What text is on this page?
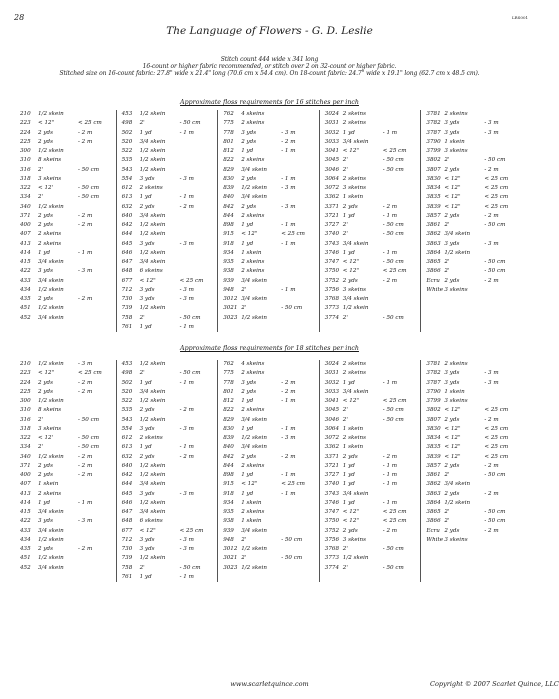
28	LRS001
The Language of Flowers - G. D. Leslie
Stitch count 444 wide x 341 long
16-count or higher fabric recommended, or stitch over 2 on 32-count or higher fabric.
Stitched size on 16-count fabric: 27.8" wide x 21.4" long (70.6 cm x 54.4 cm). On 18-count fabric: 24.7" wide x 19.1" long (62.7 cm x 48.5 cm).
Approximate floss requirements for 16 stitches per inch
210 1/2 skein
223 < 12"	< 25 cm
224 2 yds	- 2 m
225 2 yds	- 2 m
300 1/2 skein
310 8 skeins
316 2'	- 50 cm
318 3 skeins
322 < 12'	- 50 cm
334 2'	- 50 cm
340 1/2 skein
371 2 yds	- 2 m
400 2 yds	- 2 m
407 2 skeins
413 2 skeins
414 1 yd	- 1 m
415 3/4 skein
422 3 yds	- 3 m
433 3/4 skein
434 1/2 skein
435 2 yds	- 2 m
451 1/2 skein
452 3/4 skein
453 1/2 skein
498 2'	- 50 cm
502 1 yd	- 1 m
520 3/4 skein
522 1/2 skein
535 1/2 skein
543 1/2 skein
554 3 yds	- 3 m
612 2 skeins
613 1 yd	- 1 m
632 2 yds	- 2 m
640 3/4 skein
642 1/2 skein
644 1/2 skein
645 3 yds	- 3 m
646 1/2 skein
647 3/4 skein
648 6 skeins
677 < 12"	< 25 cm
712 3 yds	- 3 m
730 3 yds	- 3 m
739 1/2 skein
758 2'	- 50 cm
761 1 yd	- 1 m
762 4 skeins
775 2 skeins
778 3 yds	- 3 m
801 2 yds	- 2 m
812 1 yd	- 1 m
822 2 skeins
829 3/4 skein
830 2 yds	- 1 m
839 1/2 skein	- 3 m
840 3/4 skein
842 2 yds	- 3 m
844 2 skeins
898 1 yd	- 1 m
915 < 12"	< 25 cm
918 1 yd	- 1 m
934 1 skein
935 2 skeins
938 2 skeins
939 3/4 skein
948 2'	- 1 m
3012 3/4 skein
3021 2'	- 50 cm
3023 1/2 skein
3024 2 skeins
3031 2 skeins
3032 1 yd	- 1 m
3033 3/4 skein
3041 < 12"	< 25 cm
3045 2'	- 50 cm
3046 2'	- 50 cm
3064 2 skeins
3072 3 skeins
3362 1 skein
3371 2 yds	- 2 m
3721 1 yd	- 1 m
3727 2'	- 50 cm
3740 2'	- 50 cm
3743 3/4 skein
3746 1 yd	- 1 m
3747 < 12"	- 50 cm
3750 < 12"	< 25 cm
3752 2 yds	- 2 m
3756 3 skeins
3768 3/4 skein
3773 1/2 skein
3774 2'	- 50 cm
3781 2 skeins
3782 3 yds	- 3 m
3787 3 yds	- 3 m
3790 1 skein
3799 3 skeins
3802 2'	- 50 cm
3807 2 yds	- 2 m
3830 < 12"	< 25 cm
3834 < 12"	< 25 cm
3835 < 12"	< 25 cm
3839 < 12"	< 25 cm
3857 2 yds	- 2 m
3861 2'	- 50 cm
3862 3/4 skein
3863 3 yds	- 3 m
3864 1/2 skein
3865 2'	- 50 cm
3866 2'	- 50 cm
Ecru 2 yds	- 2 m
White 3 skeins
Approximate floss requirements for 18 stitches per inch
210 1/2 skein	- 3 m
223 < 12"	< 25 cm
224 2 yds	- 2 m
225 2 yds	- 2 m
300 1/2 skein
310 8 skeins
316 2'	- 50 cm
318 3 skeins
322 < 12'	- 50 cm
334 2'	- 50 cm
340 1/2 skein	- 2 m
371 2 yds	- 2 m
400 2 yds	- 2 m
407 1 skein
413 2 skeins
414 1 yd	- 1 m
415 3/4 skein
422 3 yds	- 3 m
433 3/4 skein
434 1/2 skein
435 2 yds	- 2 m
451 1/2 skein
452 3/4 skein
453 1/2 skein
498 2'	- 50 cm
502 1 yd	- 1 m
520 3/4 skein
522 1/2 skein
535 2 yds	- 2 m
543 1/2 skein
554 3 yds	- 3 m
612 2 skeins
613 1 yd	- 1 m
632 2 yds	- 2 m
640 1/2 skein
642 1/2 skein
644 3/4 skein
645 3 yds	- 3 m
646 1/2 skein
647 3/4 skein
648 6 skeins
677 < 12"	< 25 cm
712 3 yds	- 3 m
730 3 yds	- 3 m
739 1/2 skein
758 2'	- 50 cm
761 1 yd	- 1 m
762 4 skeins
775 2 skeins
778 3 yds	- 2 m
801 2 yds	- 2 m
812 1 yd	- 1 m
822 2 skeins
829 3/4 skein
830 1 yd	- 1 m
839 1/2 skein	- 3 m
840 3/4 skein
842 2 yds	- 2 m
844 2 skeins
898 1 yd	- 1 m
915 < 12"	< 25 cm
918 1 yd	- 1 m
934 1 skein
935 2 skeins
938 1 skein
939 3/4 skein
948 2'	- 50 cm
3012 1/2 skein
3021 2'	- 50 cm
3023 1/2 skein
3024 2 skeins
3031 2 skeins
3032 1 yd	- 1 m
3033 3/4 skein
3041 < 12"	< 25 cm
3045 2'	- 50 cm
3046 2'	- 50 cm
3064 1 skein
3072 2 skeins
3362 1 skein
3371 2 yds	- 2 m
3721 1 yd	- 1 m
3727 1 yd	- 1 m
3740 1 yd	- 1 m
3743 3/4 skein
3746 1 yd	- 1 m
3747 < 12"	< 25 cm
3750 < 12"	< 25 cm
3752 2 yds	- 2 m
3756 3 skeins
3768 2'	- 50 cm
3773 1/2 skein
3774 2'	- 50 cm
3781 2 skeins
3782 3 yds	- 3 m
3787 3 yds	- 3 m
3790 1 skein
3799 3 skeins
3802 < 12"	< 25 cm
3807 2 yds	- 2 m
3830 < 12"	< 25 cm
3834 < 12"	< 25 cm
3835 < 12"	< 25 cm
3839 < 12"	< 25 cm
3857 2 yds	- 2 m
3861 2'	- 50 cm
3862 3/4 skein
3863 2 yds	- 2 m
3864 1/2 skein
3865 2'	- 50 cm
3866 2'	- 50 cm
Ecru 2 yds	- 2 m
White 3 skeins
www.scarletquince.com	Copyright © 2007 Scarlet Quince, LLC
